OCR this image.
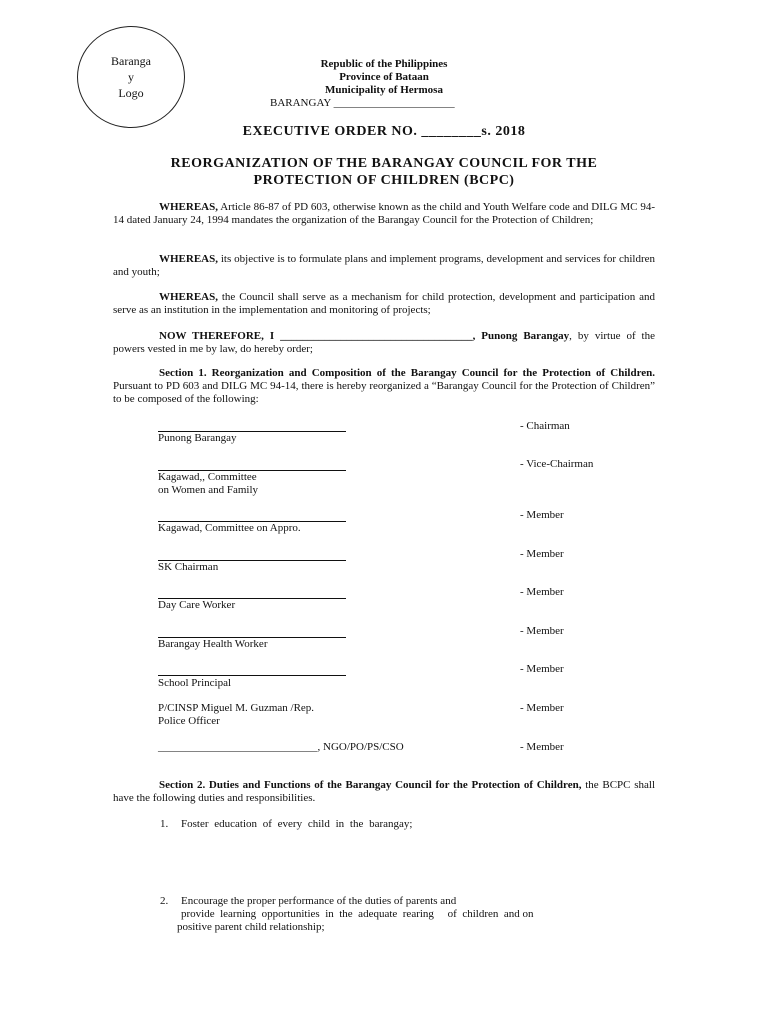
Baranga
y
Logo
Republic of the Philippines
Province of Bataan
Municipality of Hermosa
BARANGAY ______________________
EXECUTIVE ORDER NO. ________s. 2018
REORGANIZATION OF THE BARANGAY COUNCIL FOR THE
PROTECTION OF CHILDREN (BCPC)
WHEREAS, Article 86-87 of PD 603, otherwise known as the child and Youth Welfare code and DILG MC 94-14 dated January 24, 1994 mandates the organization of the Barangay Council for the Protection of Children;
WHEREAS, its objective is to formulate plans and implement programs, development and services for children and youth;
WHEREAS, the Council shall serve as a mechanism for child protection, development and participation and serve as an institution in the implementation and monitoring of projects;
NOW THEREFORE, I ___________________________________, Punong Barangay, by virtue of the powers vested in me by law, do hereby order;
Section 1. Reorganization and Composition of the Barangay Council for the Protection of Children. Pursuant to PD 603 and DILG MC 94-14, there is hereby reorganized a “Barangay Council for the Protection of Children” to be composed of the following:
Punong Barangay
- Chairman
Kagawad,, Committee
on Women and Family
- Vice-Chairman
Kagawad, Committee on Appro.
- Member
SK Chairman
- Member
Day Care Worker
- Member
Barangay Health Worker
- Member
School Principal
- Member
P/CINSP Miguel M. Guzman /Rep.
Police Officer
- Member
_____________________________, NGO/PO/PS/CSO	- Member
Section 2. Duties and Functions of the Barangay Council for the Protection of Children, the BCPC shall have the following duties and responsibilities.
1. Foster education of every child in the barangay;
2. Encourage the proper performance of the duties of parents and
provide  learning  opportunities  in  the  adequate  rearing     of  children  and on
positive parent child relationship;
